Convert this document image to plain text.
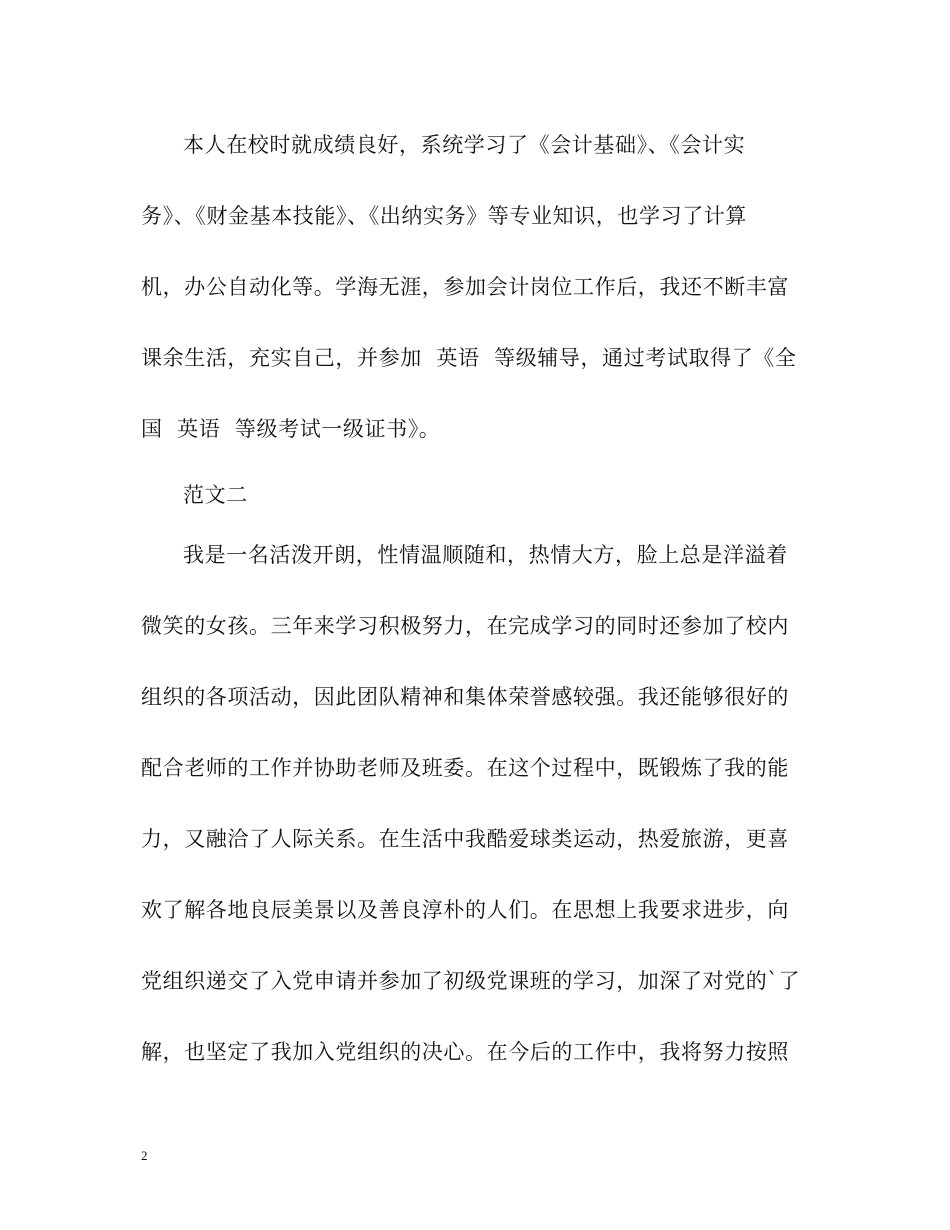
本人在校时就成绩良好，系统学习了《会计基础》、《会计实
务》、《财金基本技能》、《出纳实务》等专业知识，也学习了计算
机，办公自动化等。学海无涯，参加会计岗位工作后，我还不断丰富
课余生活，充实自己，并参加  英语  等级辅导，通过考试取得了《全
国  英语  等级考试一级证书》。
范文二
我是一名活泼开朗，性情温顺随和，热情大方，脸上总是洋溢着
微笑的女孩。三年来学习积极努力，在完成学习的同时还参加了校内
组织的各项活动，因此团队精神和集体荣誉感较强。我还能够很好的
配合老师的工作并协助老师及班委。在这个过程中，既锻炼了我的能
力，又融洽了人际关系。在生活中我酷爱球类运动，热爱旅游，更喜
欢了解各地良辰美景以及善良淳朴的人们。在思想上我要求进步，向
党组织递交了入党申请并参加了初级党课班的学习，加深了对党的`了
解，也坚定了我加入党组织的决心。在今后的工作中，我将努力按照
2
